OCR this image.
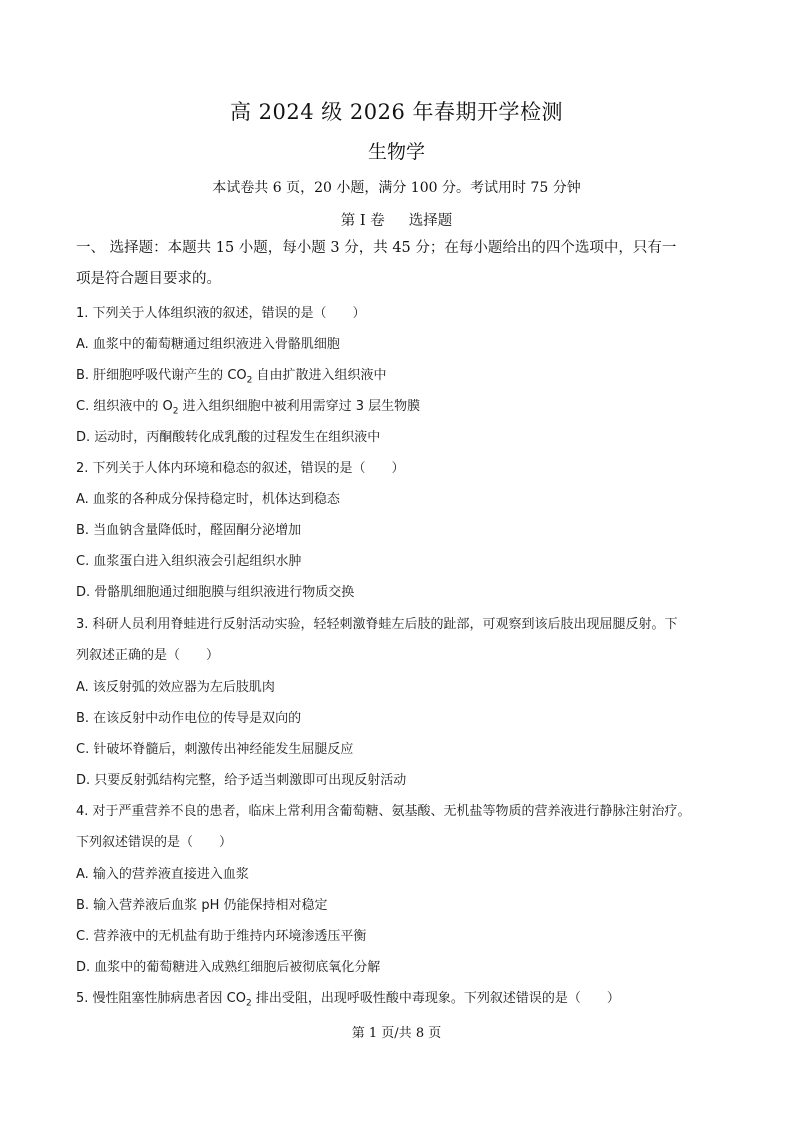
高 2024 级 2026 年春期开学检测
生物学
本试卷共 6 页，20 小题，满分 100 分。考试用时 75 分钟
第 I 卷 选择题
一、 选择题：本题共 15 小题，每小题 3 分，共 45 分；在每小题给出的四个选项中，只有一
项是符合题目要求的。
1. 下列关于人体组织液的叙述，错误的是（　　）
A. 血浆中的葡萄糖通过组织液进入骨骼肌细胞
B. 肝细胞呼吸代谢产生的 $CO_2$ 自由扩散进入组织液中
C. 组织液中的 $O_2$ 进入组织细胞中被利用需穿过 3 层生物膜
D. 运动时，丙酮酸转化成乳酸的过程发生在组织液中
2. 下列关于人体内环境和稳态的叙述，错误的是（　　）
A. 血浆的各种成分保持稳定时，机体达到稳态
B. 当血钠含量降低时，醛固酮分泌增加
C. 血浆蛋白进入组织液会引起组织水肿
D. 骨骼肌细胞通过细胞膜与组织液进行物质交换
3. 科研人员利用脊蛙进行反射活动实验，轻轻刺激脊蛙左后肢的趾部，可观察到该后肢出现屈腿反射。下
列叙述正确的是（　　）
A. 该反射弧的效应器为左后肢肌肉
B. 在该反射中动作电位的传导是双向的
C. 针破坏脊髓后，刺激传出神经能发生屈腿反应
D. 只要反射弧结构完整，给予适当刺激即可出现反射活动
4. 对于严重营养不良的患者，临床上常利用含葡萄糖、氨基酸、无机盐等物质的营养液进行静脉注射治疗。
下列叙述错误的是（　　）
A. 输入的营养液直接进入血浆
B. 输入营养液后血浆 pH 仍能保持相对稳定
C. 营养液中的无机盐有助于维持内环境渗透压平衡
D. 血浆中的葡萄糖进入成熟红细胞后被彻底氧化分解
5. 慢性阻塞性肺病患者因 $CO_2$ 排出受阻，出现呼吸性酸中毒现象。下列叙述错误的是（　　）
第 1 页/共 8 页
